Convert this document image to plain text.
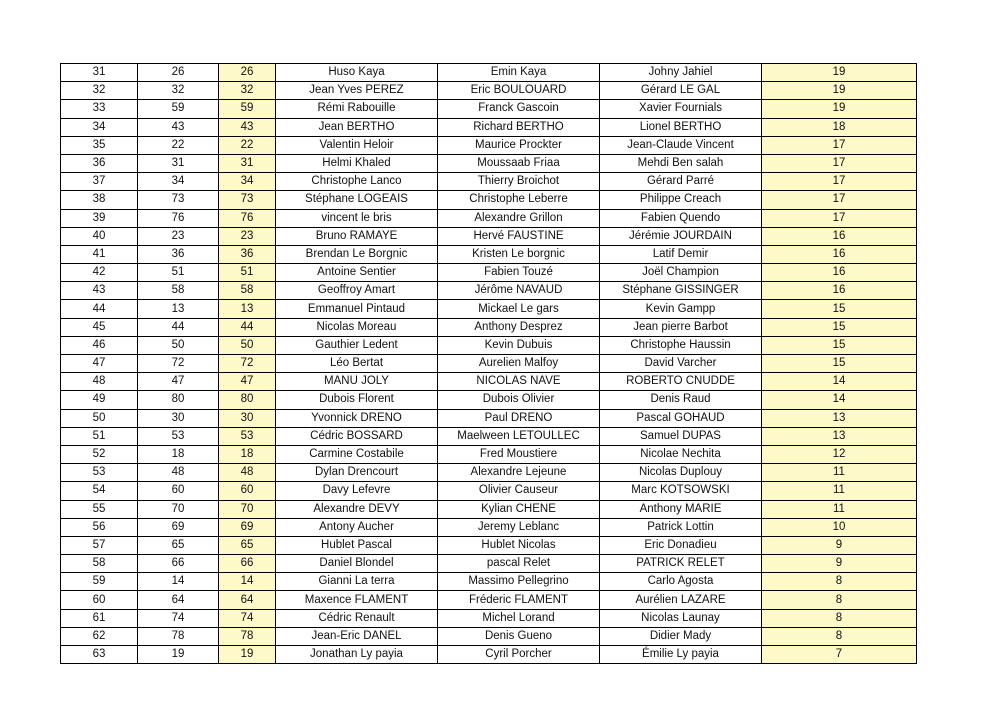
31	26	26	Huso Kaya	Emin Kaya	Johny Jahiel	19
32	32	32	Jean Yves PEREZ	Eric BOULOUARD	Gérard LE GAL	19
33	59	59	Rémi Rabouille	Franck Gascoin	Xavier Fournials	19
34	43	43	Jean BERTHO	Richard BERTHO	Lionel BERTHO	18
35	22	22	Valentin Heloir	Maurice Prockter	Jean-Claude Vincent	17
36	31	31	Helmi Khaled	Moussaab Friaa	Mehdi Ben salah	17
37	34	34	Christophe Lanco	Thierry Broichot	Gérard Parré	17
38	73	73	Stéphane LOGEAIS	Christophe Leberre	Philippe Creach	17
39	76	76	vincent le bris	Alexandre Grillon	Fabien Quendo	17
40	23	23	Bruno RAMAYE	Hervé FAUSTINE	Jérémie JOURDAIN	16
41	36	36	Brendan Le Borgnic	Kristen Le borgnic	Latif Demir	16
42	51	51	Antoine Sentier	Fabien Touzé	Joël Champion	16
43	58	58	Geoffroy Amart	Jérôme NAVAUD	Stéphane GISSINGER	16
44	13	13	Emmanuel Pintaud	Mickael Le gars	Kevin Gampp	15
45	44	44	Nicolas Moreau	Anthony Desprez	Jean pierre Barbot	15
46	50	50	Gauthier Ledent	Kevin Dubuis	Christophe Haussin	15
47	72	72	Léo Bertat	Aurelien Malfoy	David Varcher	15
48	47	47	MANU JOLY	NICOLAS NAVE	ROBERTO CNUDDE	14
49	80	80	Dubois Florent	Dubois Olivier	Denis Raud	14
50	30	30	Yvonnick DRENO	Paul DRENO	Pascal GOHAUD	13
51	53	53	Cédric BOSSARD	Maelween LETOULLEC	Samuel DUPAS	13
52	18	18	Carmine Costabile	Fred Moustiere	Nicolae Nechita	12
53	48	48	Dylan Drencourt	Alexandre Lejeune	Nicolas Duplouy	11
54	60	60	Davy Lefevre	Olivier Causeur	Marc KOTSOWSKI	11
55	70	70	Alexandre DEVY	Kylian CHENE	Anthony MARIE	11
56	69	69	Antony Aucher	Jeremy Leblanc	Patrick Lottin	10
57	65	65	Hublet Pascal	Hublet Nicolas	Eric Donadieu	9
58	66	66	Daniel Blondel	pascal Relet	PATRICK RELET	9
59	14	14	Gianni La terra	Massimo Pellegrino	Carlo Agosta	8
60	64	64	Maxence FLAMENT	Fréderic FLAMENT	Aurélien LAZARE	8
61	74	74	Cédric Renault	Michel Lorand	Nicolas Launay	8
62	78	78	Jean-Eric DANEL	Denis Gueno	Didier Mady	8
63	19	19	Jonathan Ly payia	Cyril Porcher	Émilie Ly payia	7
